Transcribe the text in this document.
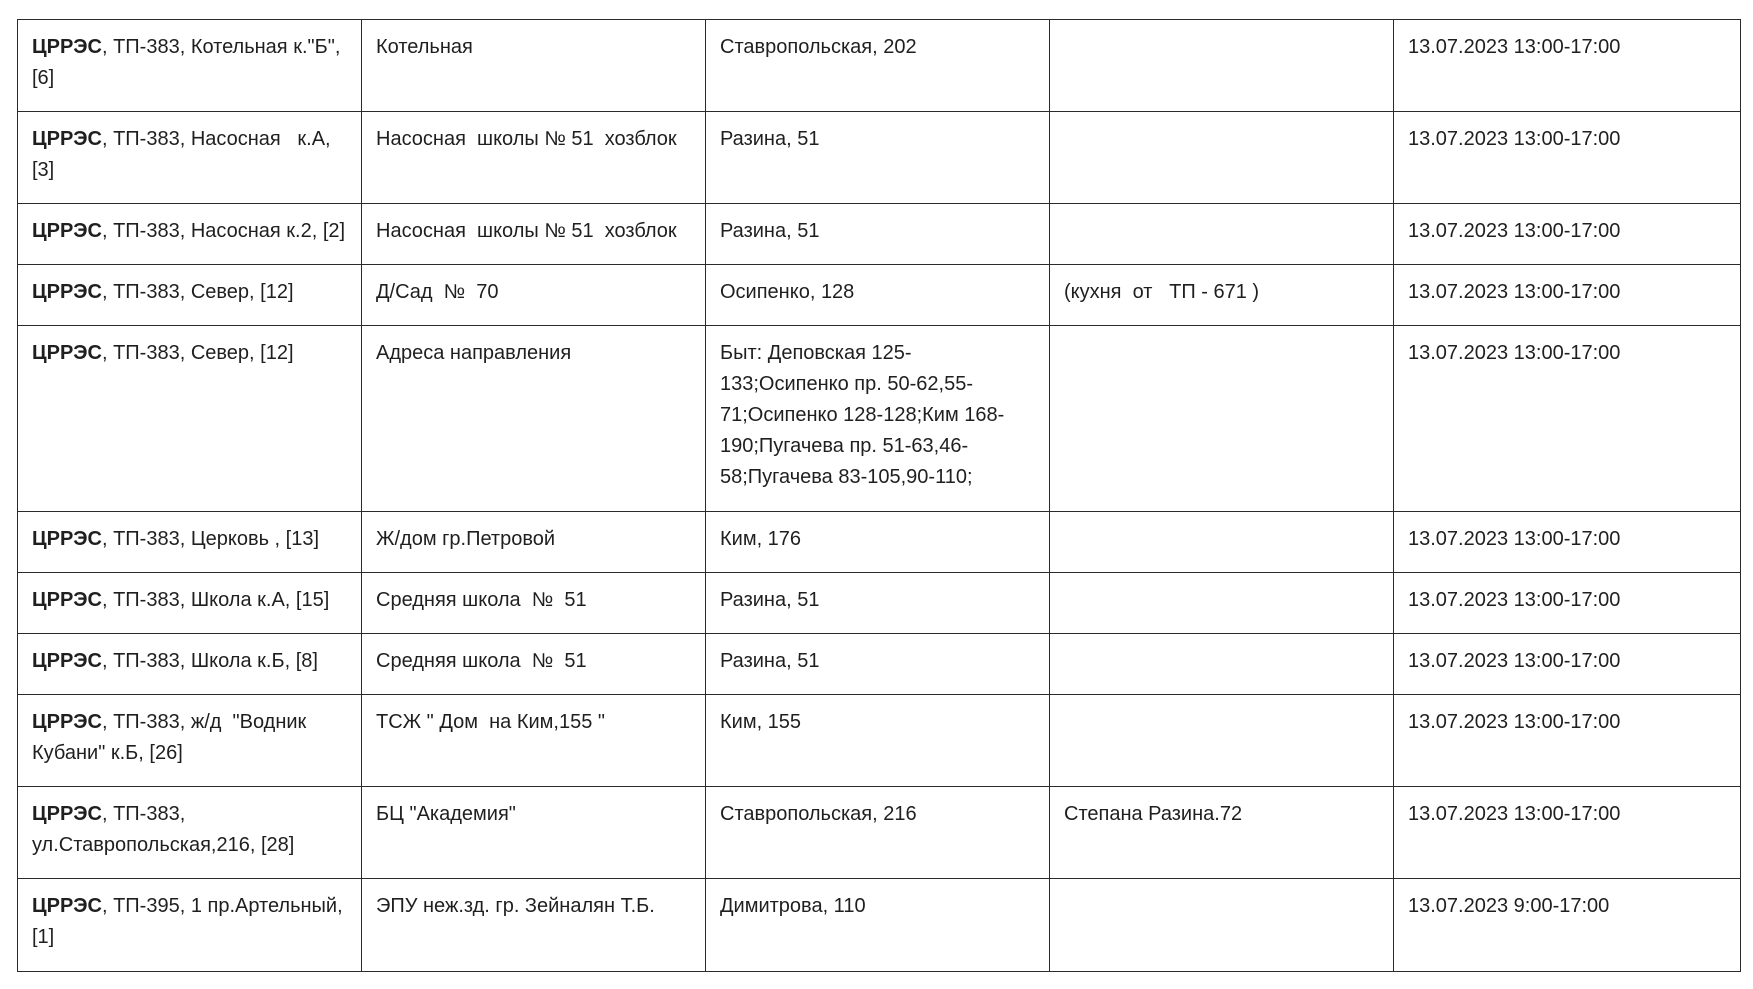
ЦРРЭС, ТП-383, Котельная к."Б", [6]	Котельная	Ставропольская, 202		13.07.2023 13:00-17:00
ЦРРЭС, ТП-383, Насосная   к.А, [3]	Насосная  школы № 51  хозблок	Разина, 51		13.07.2023 13:00-17:00
ЦРРЭС, ТП-383, Насосная к.2, [2]	Насосная  школы № 51  хозблок	Разина, 51		13.07.2023 13:00-17:00
ЦРРЭС, ТП-383, Север, [12]	Д/Сад  №  70	Осипенко, 128	(кухня  от   ТП - 671 )	13.07.2023 13:00-17:00
ЦРРЭС, ТП-383, Север, [12]	Адреса направления	Быт: Деповская 125-133;Осипенко пр. 50-62,55-71;Осипенко 128-128;Ким 168-190;Пугачева пр. 51-63,46-58;Пугачева 83-105,90-110;		13.07.2023 13:00-17:00
ЦРРЭС, ТП-383, Церковь , [13]	Ж/дом гр.Петровой	Ким, 176		13.07.2023 13:00-17:00
ЦРРЭС, ТП-383, Школа к.А, [15]	Средняя школа  №  51	Разина, 51		13.07.2023 13:00-17:00
ЦРРЭС, ТП-383, Школа к.Б, [8]	Средняя школа  №  51	Разина, 51		13.07.2023 13:00-17:00
ЦРРЭС, ТП-383, ж/д  "Водник Кубани" к.Б, [26]	ТСЖ " Дом  на Ким,155 "	Ким, 155		13.07.2023 13:00-17:00
ЦРРЭС, ТП-383, ул.Ставропольская,216, [28]	БЦ "Академия"	Ставропольская, 216	Степана Разина.72	13.07.2023 13:00-17:00
ЦРРЭС, ТП-395, 1 пр.Артельный, [1]	ЭПУ неж.зд. гр. Зейналян Т.Б.	Димитрова, 110		13.07.2023 9:00-17:00
